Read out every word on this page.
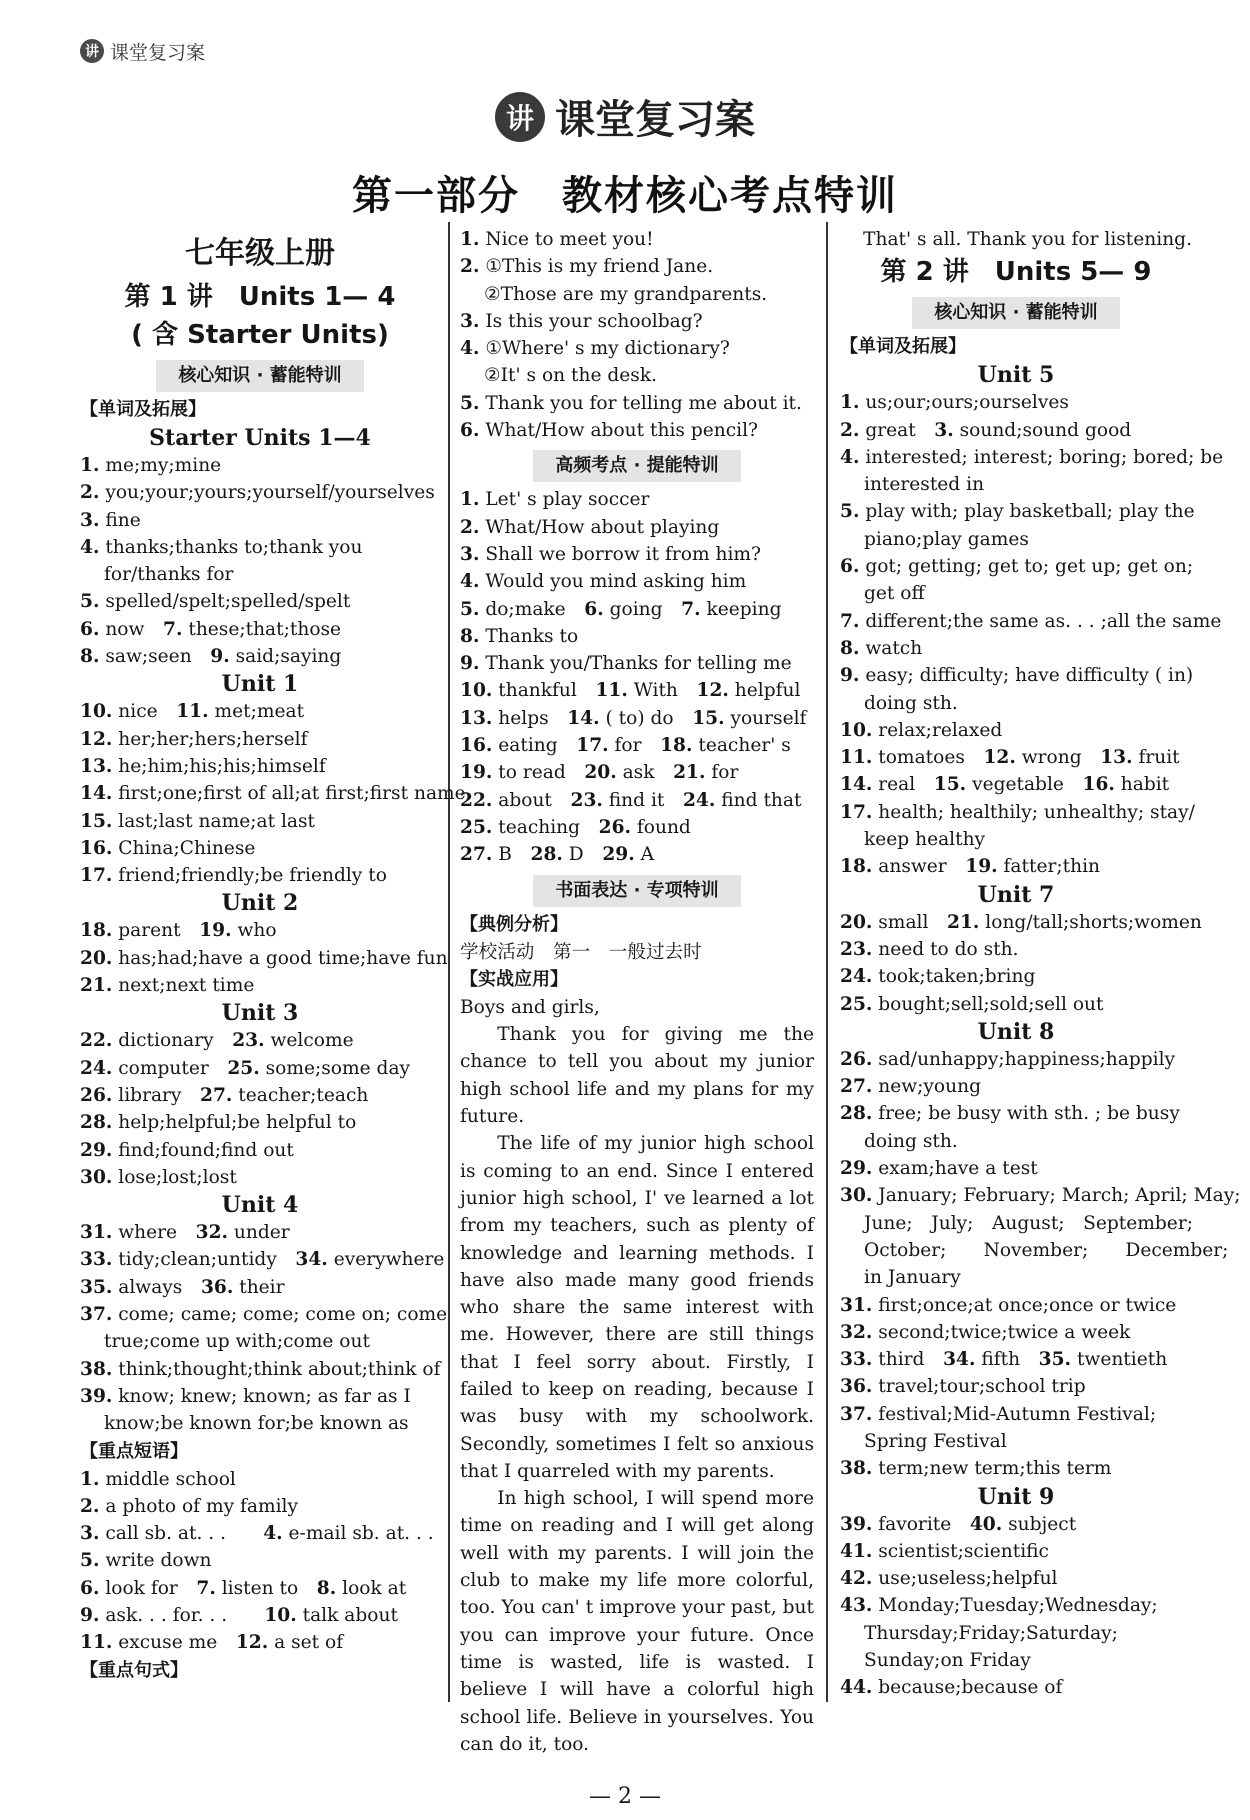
讲 课堂复习案
讲 课堂复习案
第一部分　教材核心考点特训
七年级上册
第 1 讲　Units 1— 4
( 含 Starter Units)
核心知识 · 蓄能特训
【单词及拓展】
Starter Units 1—4
1. me;my;mine
2. you;your;yours;yourself/yourselves
3. fine
4. thanks;thanks to;thank you
for/thanks for
5. spelled/spelt;spelled/spelt
6. now　7. these;that;those
8. saw;seen　9. said;saying
Unit 1
10. nice　11. met;meat
12. her;her;hers;herself
13. he;him;his;his;himself
14. first;one;first of all;at first;first name
15. last;last name;at last
16. China;Chinese
17. friend;friendly;be friendly to
Unit 2
18. parent　19. who
20. has;had;have a good time;have fun
21. next;next time
Unit 3
22. dictionary　23. welcome
24. computer　25. some;some day
26. library　27. teacher;teach
28. help;helpful;be helpful to
29. find;found;find out
30. lose;lost;lost
Unit 4
31. where　32. under
33. tidy;clean;untidy　34. everywhere
35. always　36. their
37. come; came; come; come on; come
true;come up with;come out
38. think;thought;think about;think of
39. know; knew; known; as far as I
know;be known for;be known as
【重点短语】
1. middle school
2. a photo of my family
3. call sb. at. . .　　4. e-mail sb. at. . .
5. write down
6. look for　7. listen to　8. look at
9. ask. . . for. . .　　10. talk about
11. excuse me　12. a set of
【重点句式】
1. Nice to meet you!
2. ①This is my friend Jane.
②Those are my grandparents.
3. Is this your schoolbag?
4. ①Where' s my dictionary?
②It' s on the desk.
5. Thank you for telling me about it.
6. What/How about this pencil?
高频考点 · 提能特训
1. Let' s play soccer
2. What/How about playing
3. Shall we borrow it from him?
4. Would you mind asking him
5. do;make　6. going　7. keeping
8. Thanks to
9. Thank you/Thanks for telling me
10. thankful　11. With　12. helpful
13. helps　14. ( to) do　15. yourself
16. eating　17. for　18. teacher' s
19. to read　20. ask　21. for
22. about　23. find it　24. find that
25. teaching　26. found
27. B　28. D　29. A
书面表达 · 专项特训
【典例分析】
学校活动　第一　一般过去时
【实战应用】
Boys and girls,
Thank you for giving me the chance to tell you about my junior high school life and my plans for my future.
The life of my junior high school is coming to an end. Since I entered junior high school, I' ve learned a lot from my teachers, such as plenty of knowledge and learning methods. I have also made many good friends who share the same interest with me. However, there are still things that I feel sorry about. Firstly, I failed to keep on reading, because I was busy with my schoolwork. Secondly, sometimes I felt so anxious that I quarreled with my parents.
In high school, I will spend more time on reading and I will get along well with my parents. I will join the club to make my life more colorful, too. You can' t improve your past, but you can improve your future. Once time is wasted, life is wasted. I believe I will have a colorful high school life. Believe in yourselves. You can do it, too.
That' s all. Thank you for listening.
第 2 讲　Units 5— 9
核心知识 · 蓄能特训
【单词及拓展】
Unit 5
1. us;our;ours;ourselves
2. great　3. sound;sound good
4. interested; interest; boring; bored; be
interested in
5. play with; play basketball; play the
piano;play games
6. got; getting; get to; get up; get on;
get off
7. different;the same as. . . ;all the same
8. watch
9. easy; difficulty; have difficulty ( in)
doing sth.
10. relax;relaxed
11. tomatoes　12. wrong　13. fruit
14. real　15. vegetable　16. habit
17. health; healthily; unhealthy; stay/
keep healthy
18. answer　19. fatter;thin
Unit 7
20. small　21. long/tall;shorts;women
23. need to do sth.
24. took;taken;bring
25. bought;sell;sold;sell out
Unit 8
26. sad/unhappy;happiness;happily
27. new;young
28. free; be busy with sth. ; be busy
doing sth.
29. exam;have a test
30. January; February; March; April; May;
June;　July;　August;　September;
October;　　November;　　December;
in January
31. first;once;at once;once or twice
32. second;twice;twice a week
33. third　34. fifth　35. twentieth
36. travel;tour;school trip
37. festival;Mid-Autumn Festival;
Spring Festival
38. term;new term;this term
Unit 9
39. favorite　40. subject
41. scientist;scientific
42. use;useless;helpful
43. Monday;Tuesday;Wednesday;
Thursday;Friday;Saturday;
Sunday;on Friday
44. because;because of
— 2 —
